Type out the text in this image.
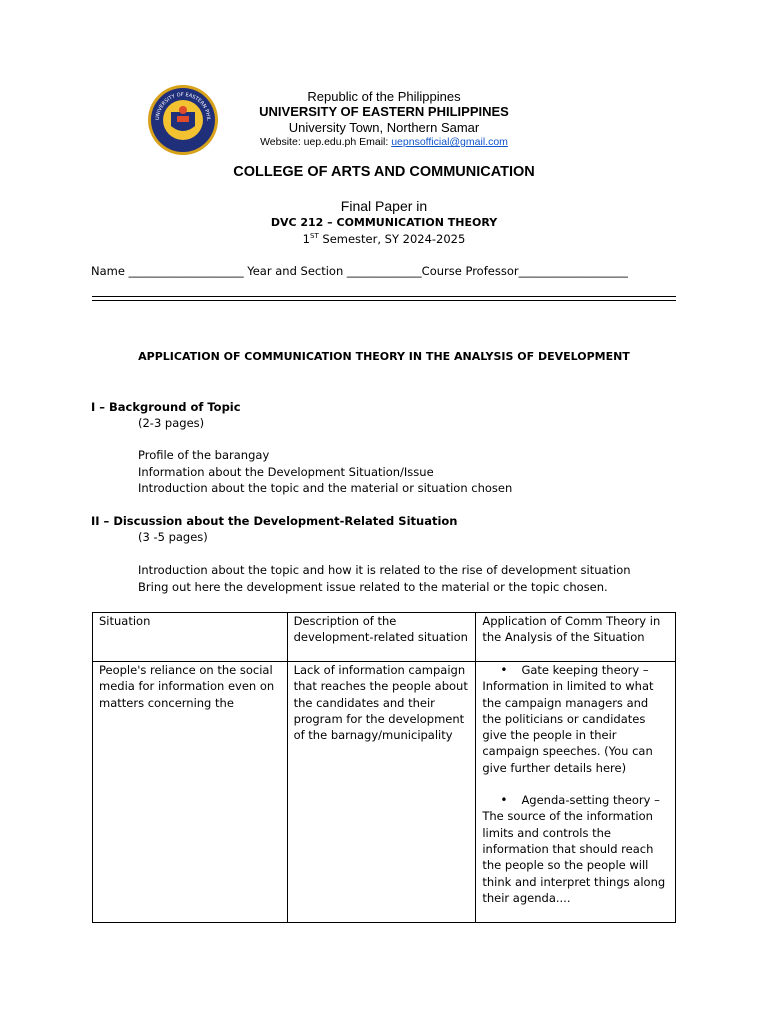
UNIVERSITY OF EASTERN PHIL
Republic of the Philippines
UNIVERSITY OF EASTERN PHILIPPINES
University Town, Northern Samar
Website: uep.edu.ph Email: uepnsofficial@gmail.com
COLLEGE OF ARTS AND COMMUNICATION
Final Paper in
DVC 212 – COMMUNICATION THEORY
1ST Semester, SY 2024-2025
Name ____________________ Year and Section _____________Course Professor___________________
APPLICATION OF COMMUNICATION THEORY IN THE ANALYSIS OF DEVELOPMENT
I – Background of Topic
(2-3 pages)
Profile of the barangay
Information about the Development Situation/Issue
Introduction about the topic and the material or situation chosen
II – Discussion about the Development-Related Situation
(3 -5 pages)
Introduction about the topic and how it is related to the rise of development situation
Bring out here the development issue related to the material or the topic chosen.
Situation	Description of the development-related situation	Application of Comm Theory in the Analysis of the Situation
People's reliance on the social media for information even on matters concerning the	Lack of information campaign that reaches the people about the candidates and their program for the development of the barnagy/municipality	• Gate keeping theory –
Information in limited to what the campaign managers and the politicians or candidates give the people in their campaign speeches. (You can give further details here)
• Agenda-setting theory –
The source of the information limits and controls the information that should reach the people so the people will think and interpret things along their agenda....
